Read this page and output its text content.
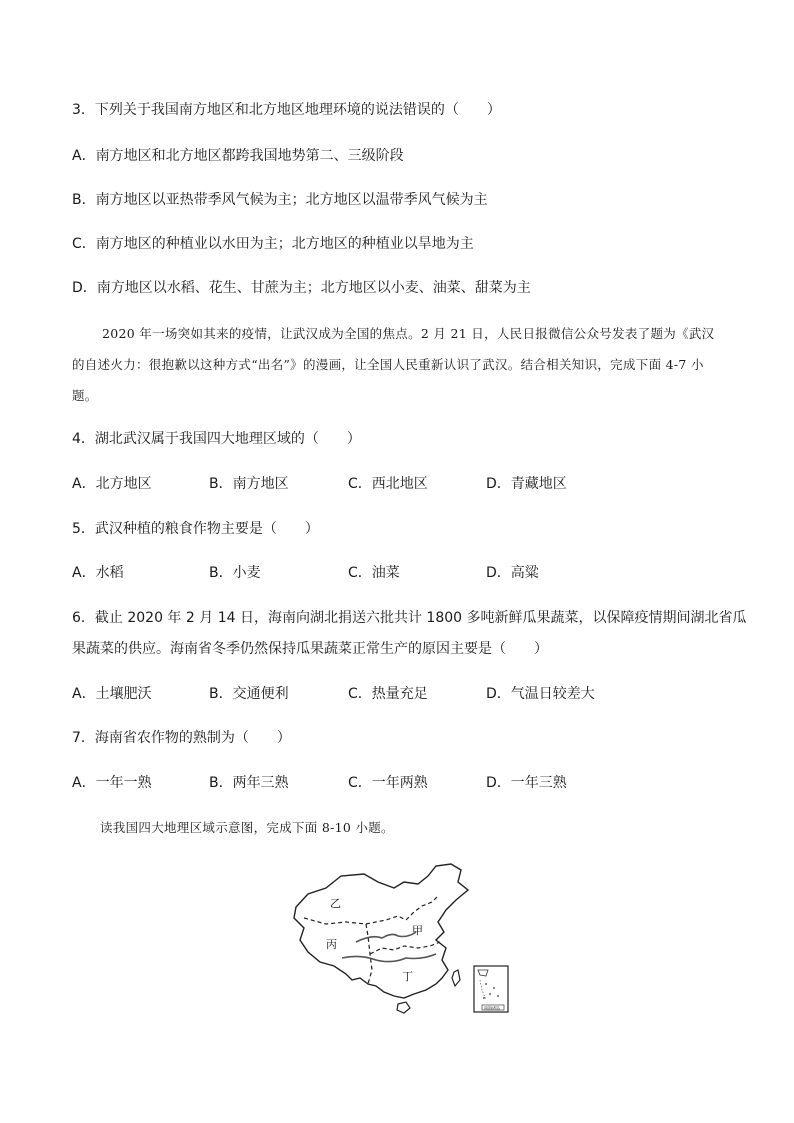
3．下列关于我国南方地区和北方地区地理环境的说法错误的（　　）
A．南方地区和北方地区都跨我国地势第二、三级阶段
B．南方地区以亚热带季风气候为主；北方地区以温带季风气候为主
C．南方地区的种植业以水田为主；北方地区的种植业以旱地为主
D．南方地区以水稻、花生、甘蔗为主；北方地区以小麦、油菜、甜菜为主
2020 年一场突如其来的疫情，让武汉成为全国的焦点。2 月 21 日，人民日报微信公众号发表了题为《武汉的自述火力：很抱歉以这种方式“出名”》的漫画，让全国人民重新认识了武汉。结合相关知识，完成下面 4-7 小题。
4．湖北武汉属于我国四大地理区域的（　　）
A．北方地区	B．南方地区	C．西北地区	D．青藏地区
5．武汉种植的粮食作物主要是（　　）
A．水稻	B．小麦	C．油菜	D．高粱
6．截止 2020 年 2 月 14 日，海南向湖北捐送六批共计 1800 多吨新鲜瓜果蔬菜，以保障疫情期间湖北省瓜
果蔬菜的供应。海南省冬季仍然保持瓜果蔬菜正常生产的原因主要是（　　）
A．土壤肥沃	B．交通便利	C．热量充足	D．气温日较差大
7．海南省农作物的熟制为（　　）
A．一年一熟	B．两年三熟	C．一年两熟	D．一年三熟
读我国四大地理区域示意图，完成下面 8-10 小题。
乙
甲
丙
丁
南海诸岛
